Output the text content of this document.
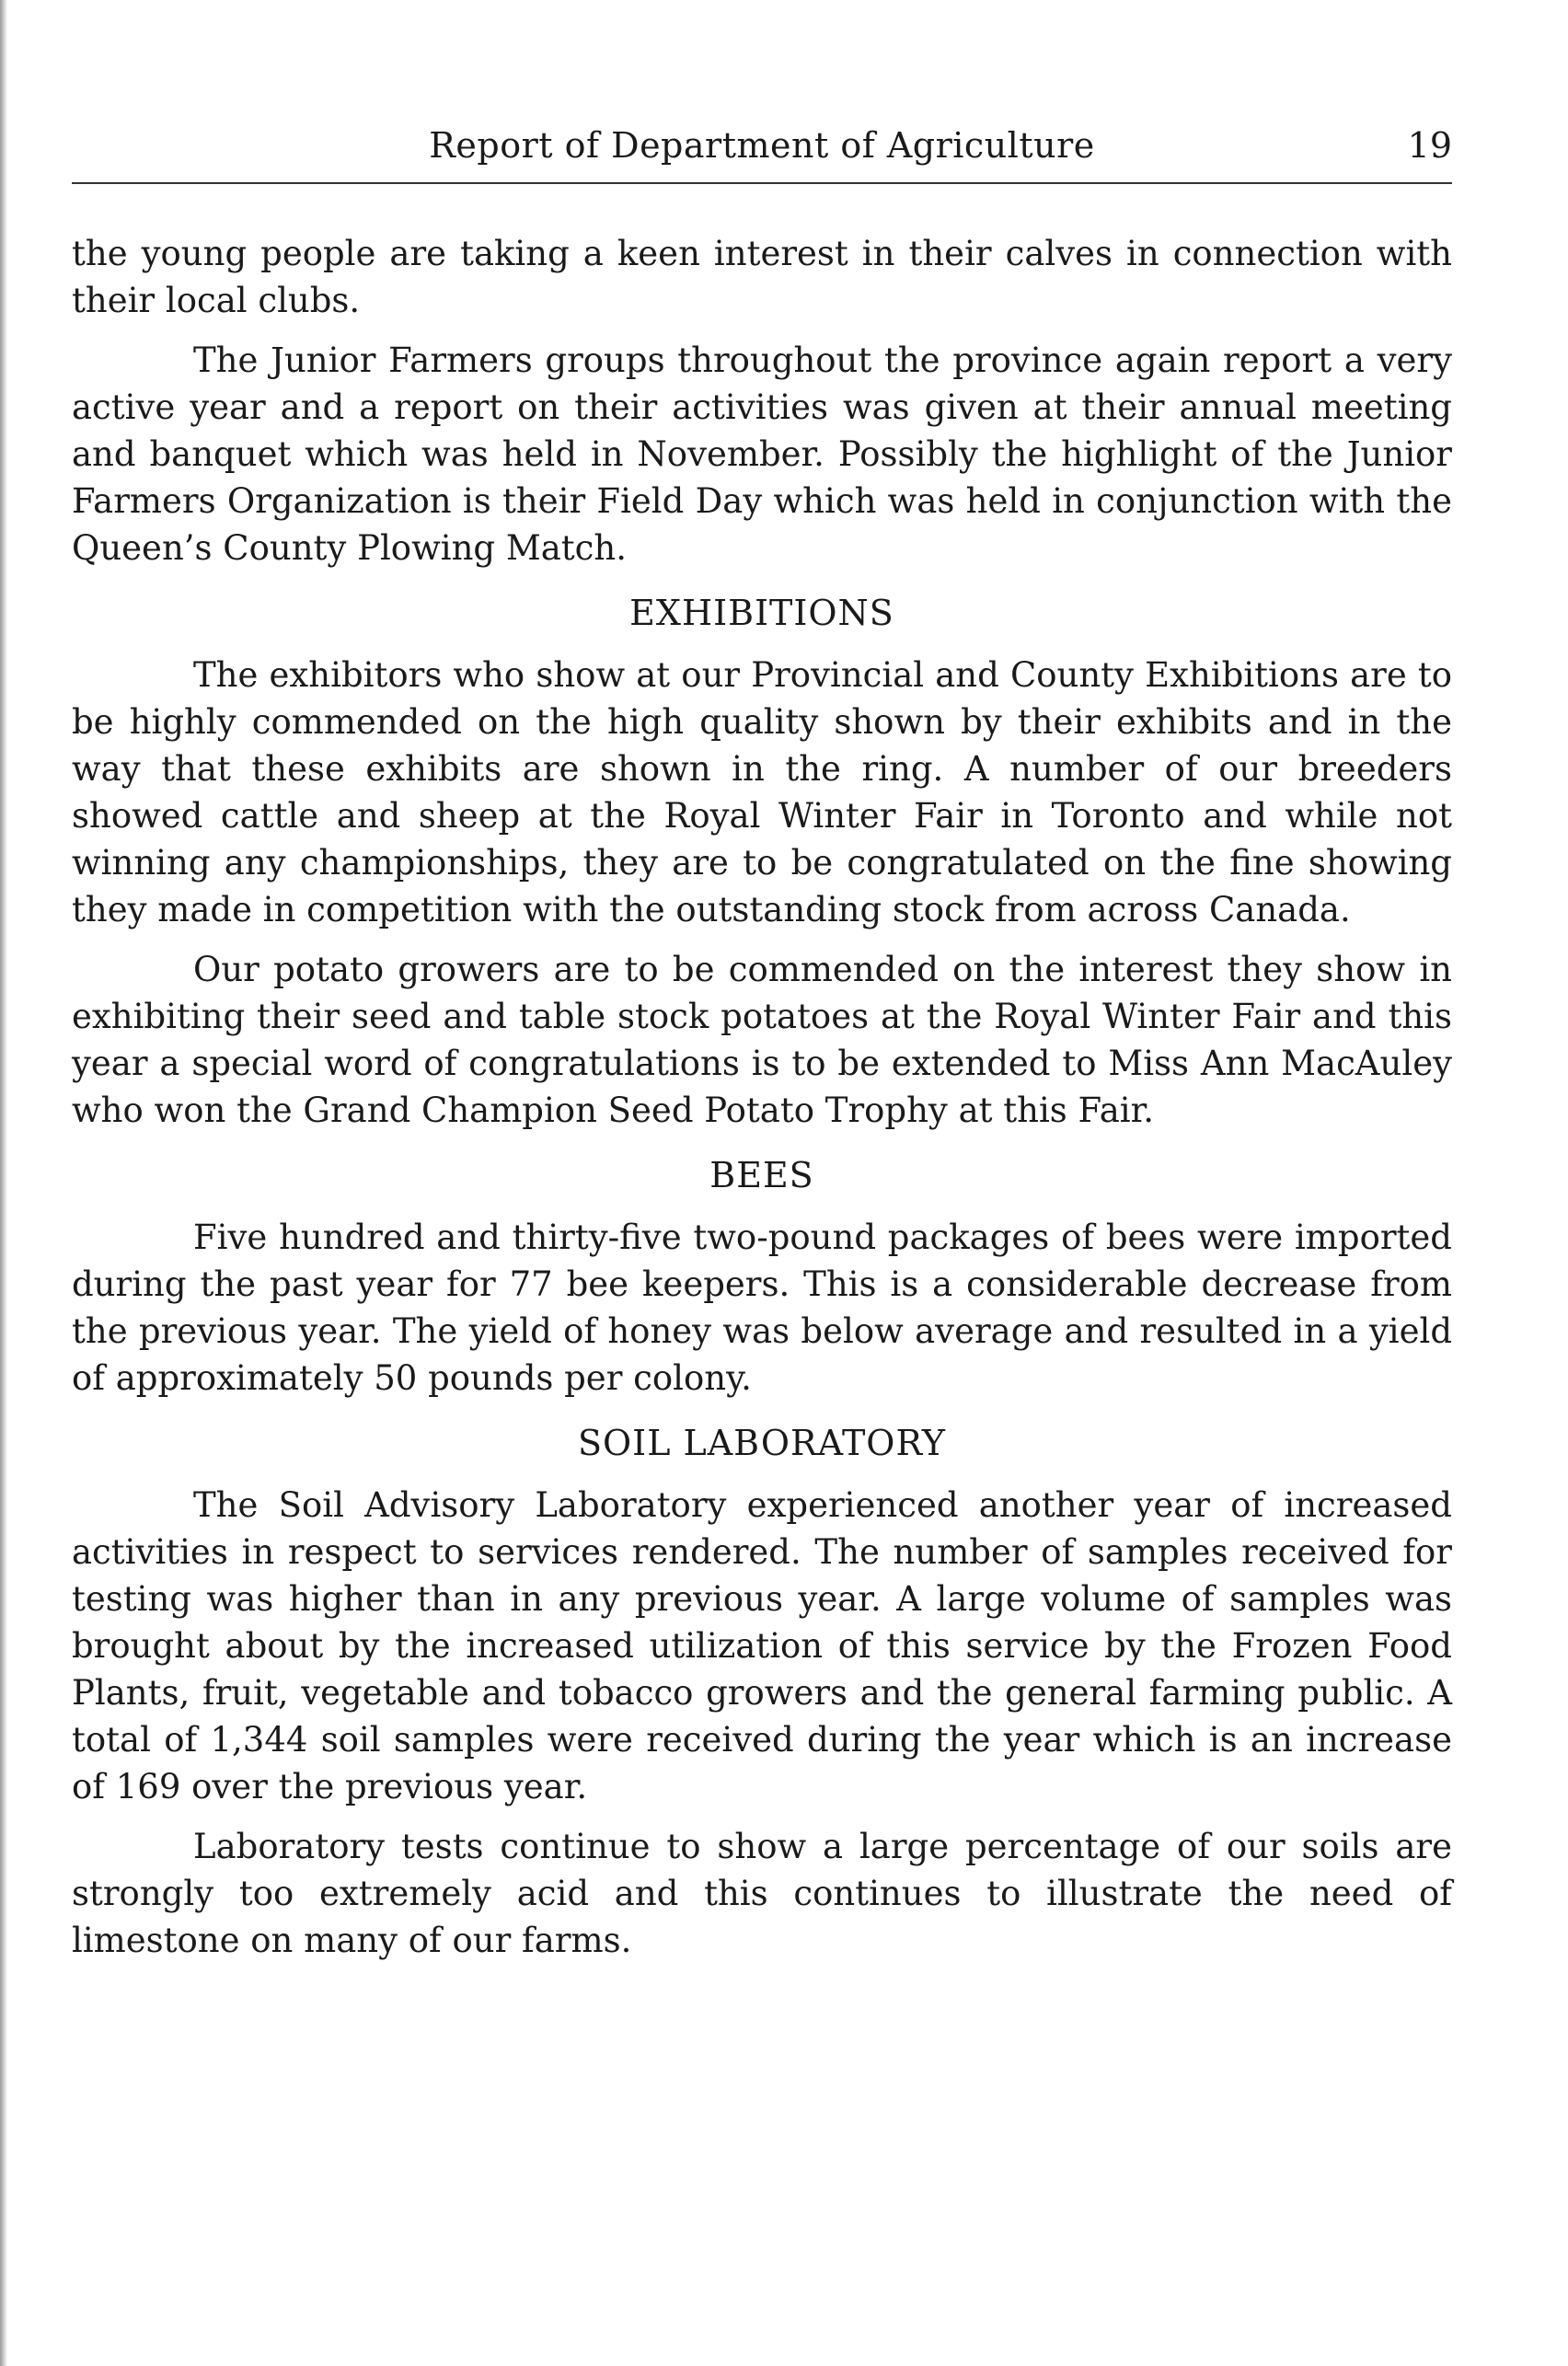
Report of Department of Agriculture	19

the young people are taking a keen interest in their calves in connection with their local clubs.

The Junior Farmers groups throughout the province again report a very active year and a report on their activities was given at their annual meeting and banquet which was held in November. Possibly the highlight of the Junior Farmers Organization is their Field Day which was held in conjunction with the Queen’s County Plowing Match.

EXHIBITIONS

The exhibitors who show at our Provincial and County Exhibitions are to be highly commended on the high quality shown by their exhibits and in the way that these exhibits are shown in the ring. A number of our breeders showed cattle and sheep at the Royal Winter Fair in Toronto and while not winning any championships, they are to be congratulated on the fine showing they made in competition with the outstanding stock from across Canada.

Our potato growers are to be commended on the interest they show in exhibiting their seed and table stock potatoes at the Royal Winter Fair and this year a special word of congratulations is to be extended to Miss Ann MacAuley who won the Grand Champion Seed Potato Trophy at this Fair.

BEES

Five hundred and thirty-five two-pound packages of bees were imported during the past year for 77 bee keepers. This is a considerable decrease from the previous year. The yield of honey was below average and resulted in a yield of approximately 50 pounds per colony.

SOIL LABORATORY

The Soil Advisory Laboratory experienced another year of increased activities in respect to services rendered. The number of samples received for testing was higher than in any previous year. A large volume of samples was brought about by the increased utilization of this service by the Frozen Food Plants, fruit, vegetable and tobacco growers and the general farming public. A total of 1,344 soil samples were received during the year which is an increase of 169 over the previous year.

Laboratory tests continue to show a large percentage of our soils are strongly too extremely acid and this continues to illustrate the need of limestone on many of our farms.
